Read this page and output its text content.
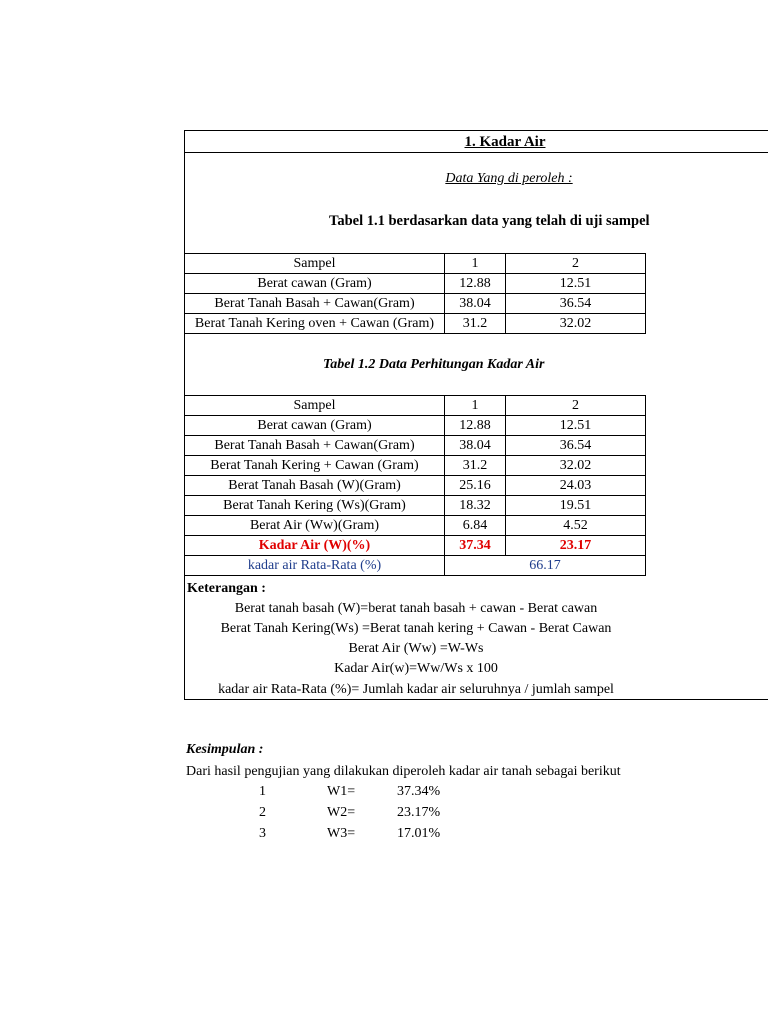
1. Kadar Air
Data Yang di peroleh :
Tabel 1.1 berdasarkan data yang telah di uji sampel
Sampel	1	2
Berat cawan (Gram)	12.88	12.51
Berat Tanah Basah + Cawan(Gram)	38.04	36.54
Berat Tanah Kering oven + Cawan (Gram)	31.2	32.02
Tabel 1.2 Data Perhitungan Kadar Air
Sampel	1	2
Berat cawan (Gram)	12.88	12.51
Berat Tanah Basah + Cawan(Gram)	38.04	36.54
Berat Tanah Kering + Cawan (Gram)	31.2	32.02
Berat Tanah Basah (W)(Gram)	25.16	24.03
Berat Tanah Kering (Ws)(Gram)	18.32	19.51
Berat Air (Ww)(Gram)	6.84	4.52
Kadar Air (W)(%)	37.34	23.17
kadar air Rata-Rata (%)	66.17	
Keterangan :
Berat tanah basah (W)=berat tanah basah + cawan - Berat cawan
Berat Tanah Kering(Ws) =Berat tanah kering + Cawan - Berat Cawan
Berat Air (Ww) =W-Ws
Kadar Air(w)=Ww/Ws x 100
kadar air Rata-Rata (%)= Jumlah kadar air seluruhnya / jumlah sampel
Kesimpulan :
Dari hasil pengujian yang dilakukan diperoleh kadar air tanah sebagai berikut
1	W1=	37.34%
2	W2=	23.17%
3	W3=	17.01%
